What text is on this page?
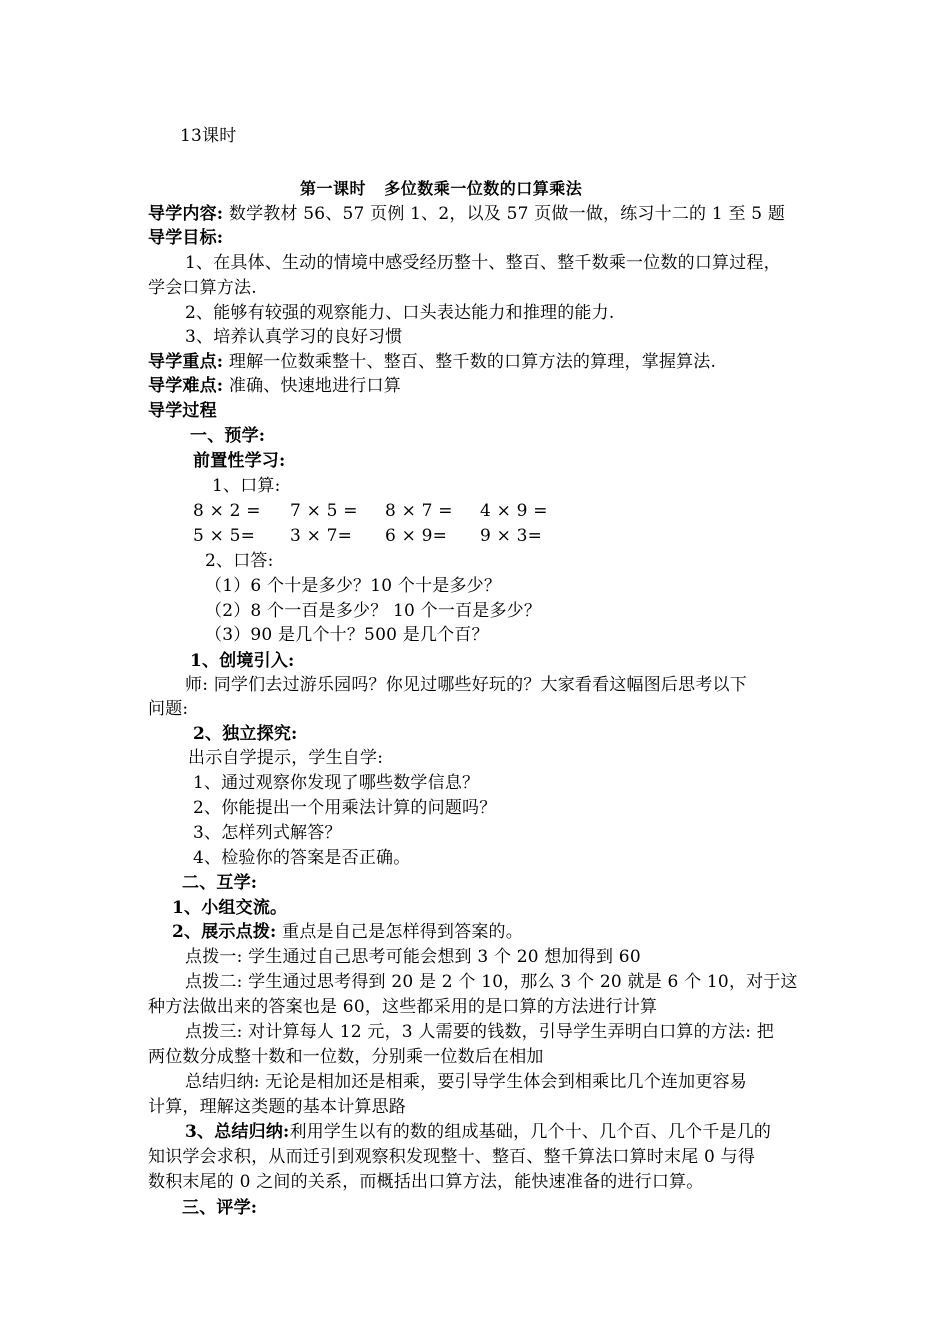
13课时
第一课时 多位数乘一位数的口算乘法
导学内容: 数学教材 56、57 页例 1、2，以及 57 页做一做，练习十二的 1 至 5 题
导学目标:
1、在具体、生动的情境中感受经历整十、整百、整千数乘一位数的口算过程，
学会口算方法.
2、能够有较强的观察能力、口头表达能力和推理的能力.
3、培养认真学习的良好习惯
导学重点: 理解一位数乘整十、整百、整千数的口算方法的算理，掌握算法.
导学难点: 准确、快速地进行口算
导学过程
一、预学:
前置性学习:
1、口算:
8 × 2 = 7 × 5 = 8 × 7 = 4 × 9 =
5 × 5= 3 × 7= 6 × 9= 9 × 3=
2、口答:
（1）6 个十是多少？10 个十是多少？
（2）8 个一百是多少？ 10 个一百是多少？
（3）90 是几个十？500 是几个百？
1、创境引入:
师: 同学们去过游乐园吗？你见过哪些好玩的？大家看看这幅图后思考以下
问题:
2、独立探究:
出示自学提示，学生自学:
1、通过观察你发现了哪些数学信息？
2、你能提出一个用乘法计算的问题吗？
3、怎样列式解答？
4、检验你的答案是否正确。
二、互学:
1、小组交流。
2、展示点拨: 重点是自己是怎样得到答案的。
点拨一: 学生通过自己思考可能会想到 3 个 20 想加得到 60
点拨二: 学生通过思考得到 20 是 2 个 10，那么 3 个 20 就是 6 个 10，对于这
种方法做出来的答案也是 60，这些都采用的是口算的方法进行计算
点拨三: 对计算每人 12 元，3 人需要的钱数，引导学生弄明白口算的方法: 把
两位数分成整十数和一位数，分别乘一位数后在相加
总结归纳: 无论是相加还是相乘，要引导学生体会到相乘比几个连加更容易
计算，理解这类题的基本计算思路
3、总结归纳:利用学生以有的数的组成基础，几个十、几个百、几个千是几的
知识学会求积，从而迁引到观察积发现整十、整百、整千算法口算时末尾 0 与得
数积末尾的 0 之间的关系，而概括出口算方法，能快速准备的进行口算。
三、评学:
